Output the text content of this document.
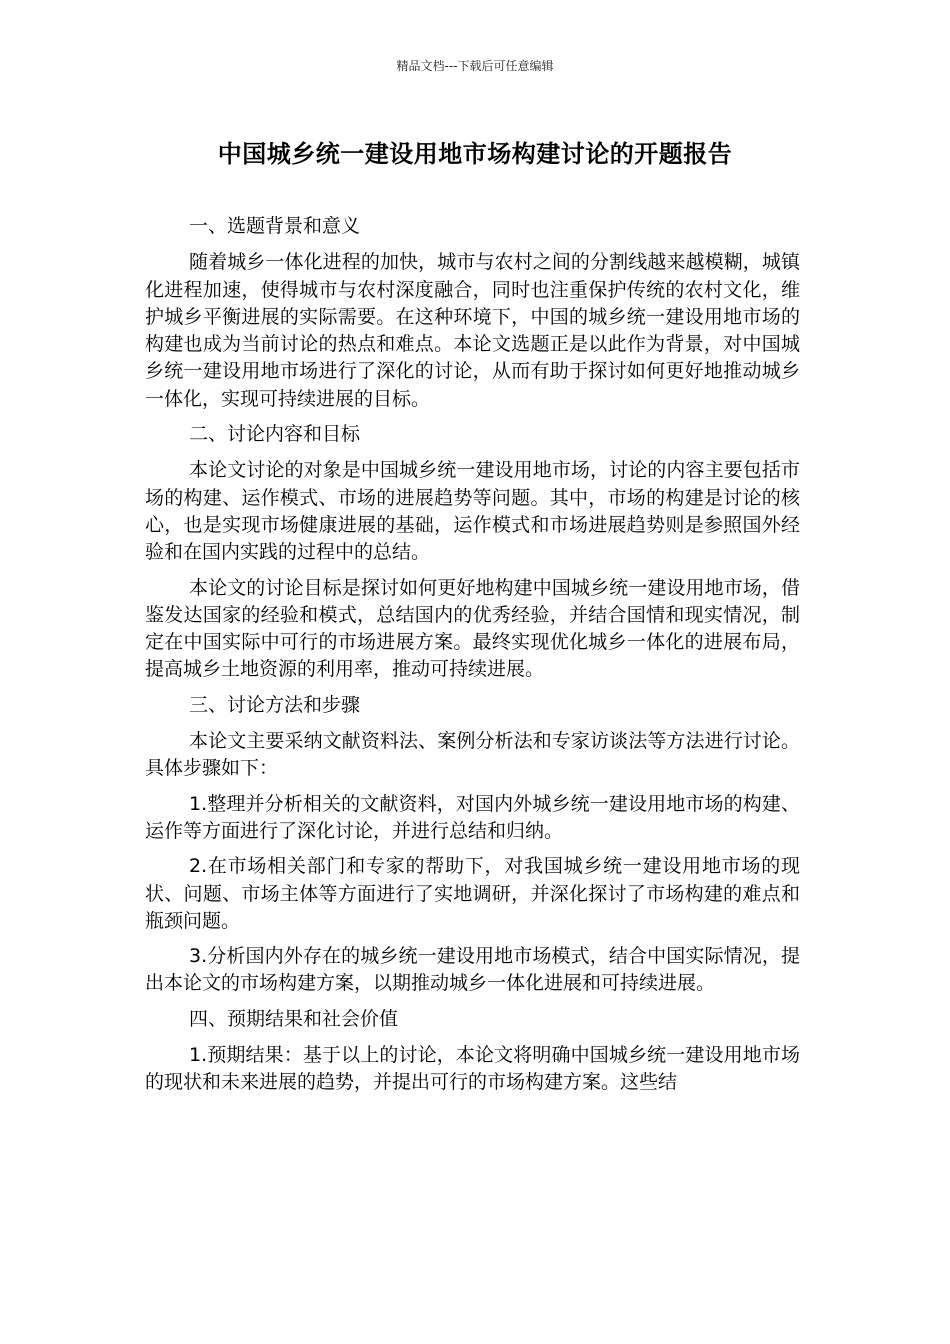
精品文档---下载后可任意编辑
中国城乡统一建设用地市场构建讨论的开题报告

一、选题背景和意义

随着城乡一体化进程的加快，城市与农村之间的分割线越来越模糊，城镇化进程加速，使得城市与农村深度融合，同时也注重保护传统的农村文化，维护城乡平衡进展的实际需要。在这种环境下，中国的城乡统一建设用地市场的构建也成为当前讨论的热点和难点。本论文选题正是以此作为背景，对中国城乡统一建设用地市场进行了深化的讨论，从而有助于探讨如何更好地推动城乡一体化，实现可持续进展的目标。

二、讨论内容和目标

本论文讨论的对象是中国城乡统一建设用地市场，讨论的内容主要包括市场的构建、运作模式、市场的进展趋势等问题。其中，市场的构建是讨论的核心，也是实现市场健康进展的基础，运作模式和市场进展趋势则是参照国外经验和在国内实践的过程中的总结。

本论文的讨论目标是探讨如何更好地构建中国城乡统一建设用地市场，借鉴发达国家的经验和模式，总结国内的优秀经验，并结合国情和现实情况，制定在中国实际中可行的市场进展方案。最终实现优化城乡一体化的进展布局，提高城乡土地资源的利用率，推动可持续进展。

三、讨论方法和步骤

本论文主要采纳文献资料法、案例分析法和专家访谈法等方法进行讨论。具体步骤如下：

1.整理并分析相关的文献资料，对国内外城乡统一建设用地市场的构建、运作等方面进行了深化讨论，并进行总结和归纳。

2.在市场相关部门和专家的帮助下，对我国城乡统一建设用地市场的现状、问题、市场主体等方面进行了实地调研，并深化探讨了市场构建的难点和瓶颈问题。

3.分析国内外存在的城乡统一建设用地市场模式，结合中国实际情况，提出本论文的市场构建方案，以期推动城乡一体化进展和可持续进展。

四、预期结果和社会价值

1.预期结果：基于以上的讨论，本论文将明确中国城乡统一建设用地市场的现状和未来进展的趋势，并提出可行的市场构建方案。这些结
